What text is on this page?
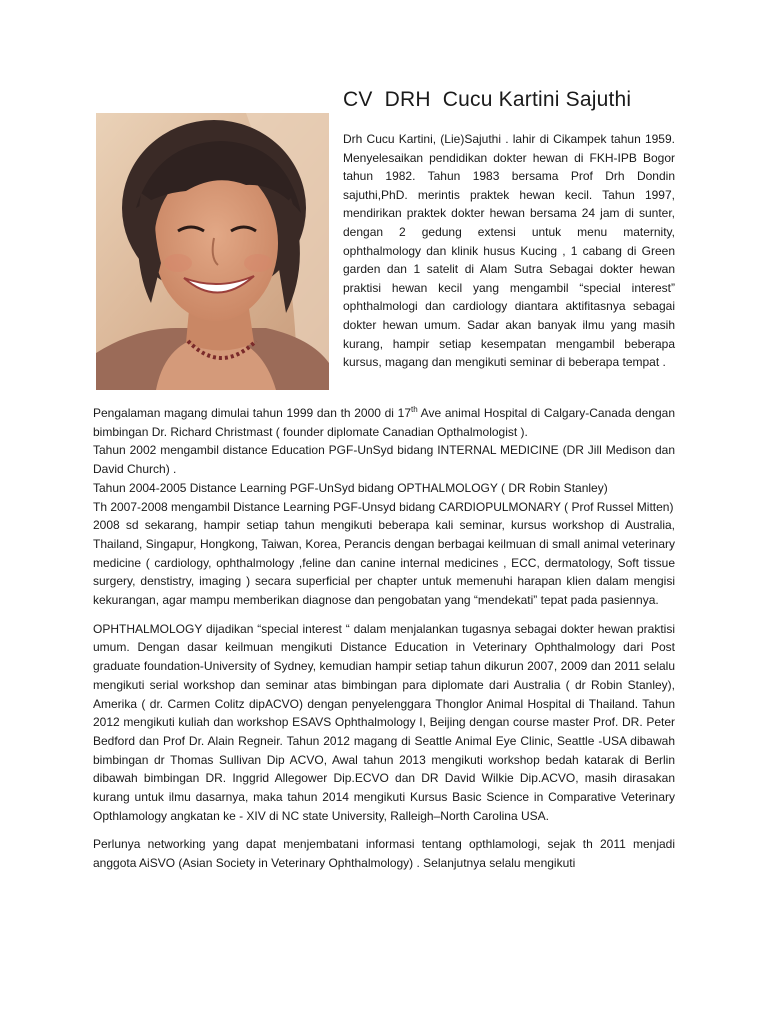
CV  DRH  Cucu Kartini Sajuthi

Drh Cucu Kartini, (Lie)Sajuthi . lahir di Cikampek tahun 1959. Menyelesaikan pendidikan dokter hewan di FKH-IPB Bogor tahun 1982. Tahun 1983 bersama Prof Drh Dondin sajuthi,PhD. merintis praktek hewan kecil. Tahun 1997, mendirikan praktek dokter hewan bersama 24 jam di sunter, dengan 2 gedung extensi untuk menu maternity, ophthalmology dan klinik husus Kucing , 1 cabang di Green garden dan 1 satelit di Alam Sutra Sebagai dokter hewan praktisi hewan kecil yang mengambil “special interest” ophthalmologi dan cardiology diantara aktifitasnya sebagai dokter hewan umum. Sadar akan banyak ilmu yang masih kurang, hampir setiap kesempatan mengambil beberapa kursus, magang dan mengikuti seminar di beberapa tempat .

Pengalaman magang dimulai tahun 1999 dan th 2000 di 17th Ave animal Hospital di Calgary-Canada dengan bimbingan Dr. Richard Christmast ( founder diplomate Canadian Opthalmologist ).

Tahun 2002 mengambil distance Education PGF-UnSyd bidang INTERNAL MEDICINE (DR Jill Medison dan David Church) .

Tahun 2004-2005 Distance Learning PGF-UnSyd bidang OPTHALMOLOGY ( DR Robin Stanley)

Th 2007-2008 mengambil Distance Learning PGF-Unsyd bidang CARDIOPULMONARY ( Prof Russel Mitten)

2008 sd sekarang, hampir setiap tahun mengikuti beberapa kali seminar, kursus workshop di Australia, Thailand, Singapur, Hongkong, Taiwan, Korea, Perancis dengan berbagai keilmuan di small animal veterinary medicine ( cardiology, ophthalmology ,feline dan canine internal medicines , ECC, dermatology, Soft tissue surgery, denstistry, imaging ) secara superficial per chapter untuk memenuhi harapan klien dalam mengisi kekurangan, agar mampu memberikan diagnose dan pengobatan yang “mendekati” tepat pada pasiennya.

OPHTHALMOLOGY dijadikan “special interest “ dalam menjalankan tugasnya sebagai dokter hewan praktisi umum. Dengan dasar keilmuan mengikuti Distance Education in Veterinary Ophthalmology dari Post graduate foundation-University of Sydney, kemudian hampir setiap tahun dikurun 2007, 2009 dan 2011 selalu mengikuti serial workshop dan seminar atas bimbingan para diplomate dari Australia ( dr Robin Stanley), Amerika ( dr. Carmen Colitz dipACVO) dengan penyelenggara Thonglor Animal Hospital di Thailand. Tahun 2012 mengikuti kuliah dan workshop ESAVS Ophthalmology I, Beijing dengan course master Prof. DR. Peter Bedford dan Prof Dr. Alain Regneir. Tahun 2012 magang di Seattle Animal Eye Clinic, Seattle -USA dibawah bimbingan dr Thomas Sullivan Dip ACVO, Awal tahun 2013 mengikuti workshop bedah katarak di Berlin dibawah bimbingan DR. Inggrid Allegower Dip.ECVO dan DR David Wilkie Dip.ACVO, masih dirasakan kurang untuk ilmu dasarnya, maka tahun 2014 mengikuti Kursus Basic Science in Comparative Veterinary Opthlamology angkatan ke - XIV di NC state University, Ralleigh–North Carolina USA.

Perlunya networking yang dapat menjembatani informasi tentang opthlamologi, sejak th 2011 menjadi anggota AiSVO (Asian Society in Veterinary Ophthalmology) . Selanjutnya selalu mengikuti
